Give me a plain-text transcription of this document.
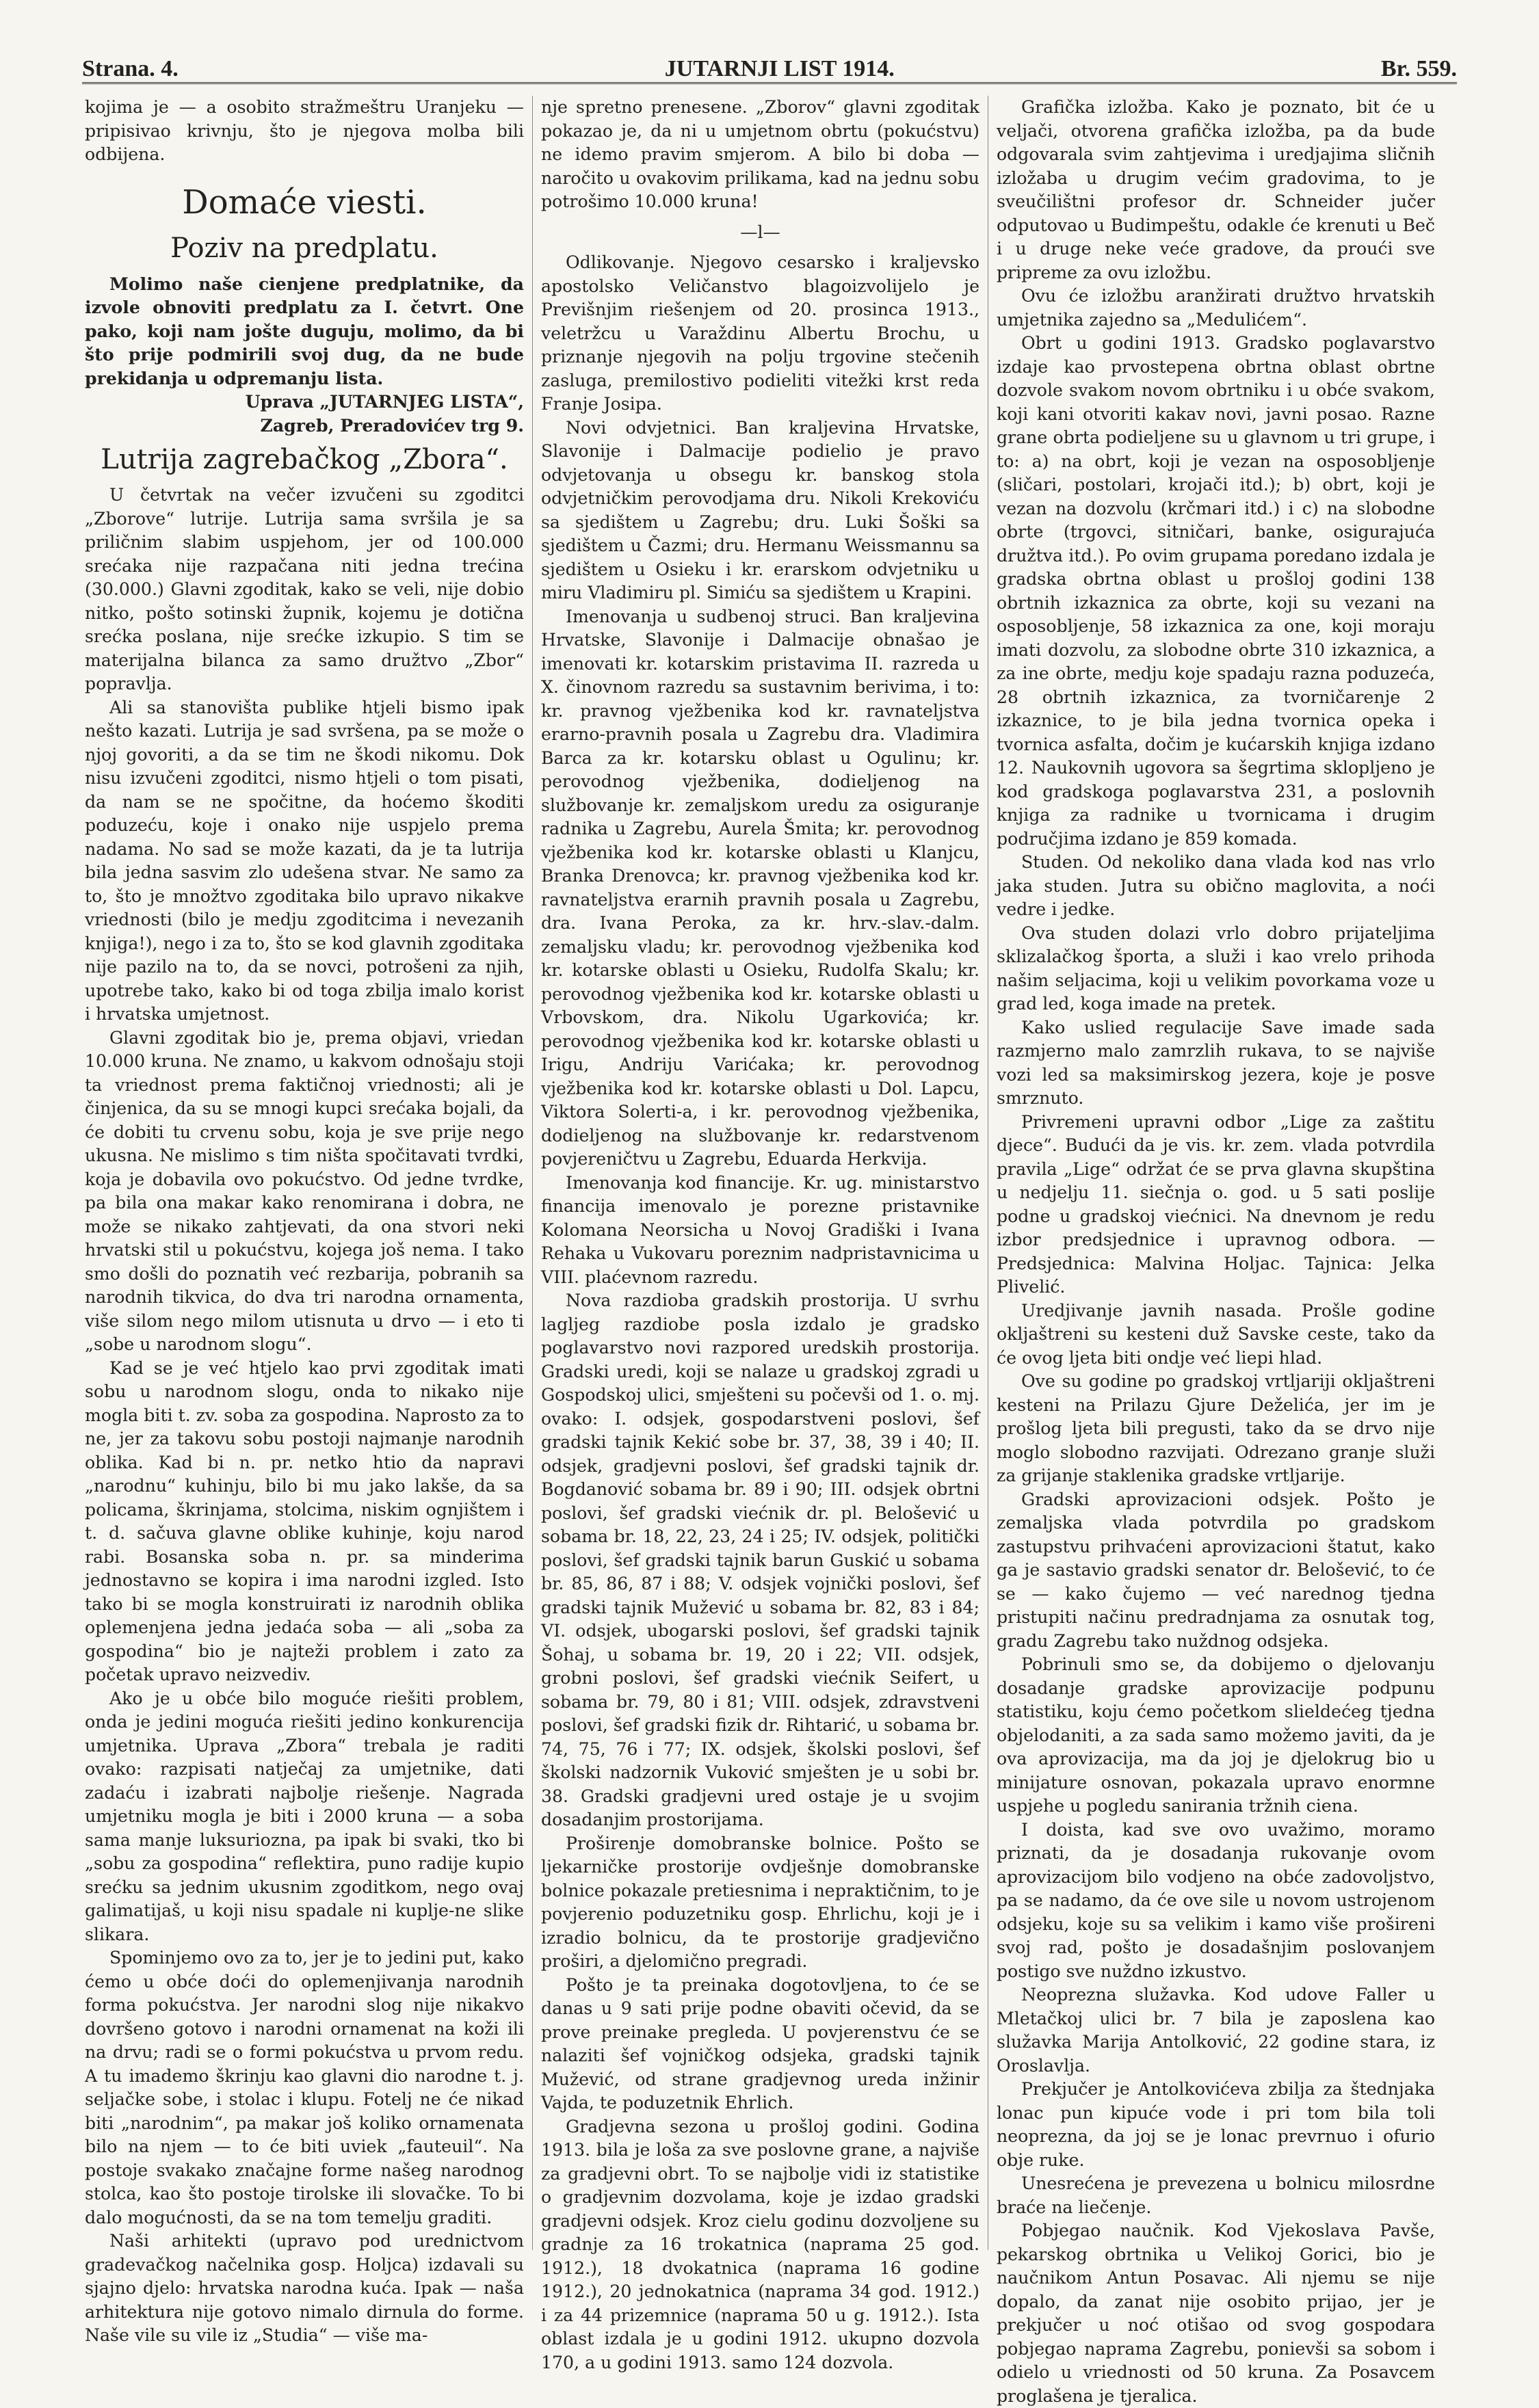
Strana. 4.	JUTARNJI LIST 1914.	Br. 559.

kojima je — a osobito stražmeštru Uranjeku — pripisivao krivnju, što je njegova molba bili odbijena.

Domaće viesti.
Poziv na predplatu.

Molimo naše cienjene predplatnike, da izvole obnoviti predplatu za I. četvrt. One pako, koji nam jošte duguju, molimo, da bi što prije podmirili svoj dug, da ne bude prekidanja u odpremanju lista.

Uprava „JUTARNJEG LISTA“,
Zagreb, Preradovićev trg 9.
Lutrija zagrebačkog „Zbora“.

U četvrtak na večer izvučeni su zgoditci „Zborove“ lutrije. Lutrija sama svršila je sa priličnim slabim uspjehom, jer od 100.000 srećaka nije razpačana niti jedna trećina (30.000.) Glavni zgoditak, kako se veli, nije dobio nitko, pošto sotinski župnik, kojemu je dotična srećka poslana, nije srećke izkupio. S tim se materijalna bilanca za samo družtvo „Zbor“ popravlja.

Ali sa stanovišta publike htjeli bismo ipak nešto kazati. Lutrija je sad svršena, pa se može o njoj govoriti, a da se tim ne škodi nikomu. Dok nisu izvučeni zgoditci, nismo htjeli o tom pisati, da nam se ne spočitne, da hoćemo škoditi poduzeću, koje i onako nije uspjelo prema nadama. No sad se može kazati, da je ta lutrija bila jedna sasvim zlo udešena stvar. Ne samo za to, što je množtvo zgoditaka bilo upravo nikakve vriednosti (bilo je medju zgoditcima i nevezanih knjiga!), nego i za to, što se kod glavnih zgoditaka nije pazilo na to, da se novci, potrošeni za njih, upotrebe tako, kako bi od toga zbilja imalo korist i hrvatska umjetnost.

Glavni zgoditak bio je, prema objavi, vriedan 10.000 kruna. Ne znamo, u kakvom odnošaju stoji ta vriednost prema faktičnoj vriednosti; ali je činjenica, da su se mnogi kupci srećaka bojali, da će dobiti tu crvenu sobu, koja je sve prije nego ukusna. Ne mislimo s tim ništa spočitavati tvrdki, koja je dobavila ovo pokućstvo. Od jedne tvrdke, pa bila ona makar kako renomirana i dobra, ne može se nikako zahtjevati, da ona stvori neki hrvatski stil u pokućstvu, kojega još nema. I tako smo došli do poznatih već rezbarija, pobranih sa narodnih tikvica, do dva tri narodna ornamenta, više silom nego milom utisnuta u drvo — i eto ti „sobe u narodnom slogu“.

Kad se je već htjelo kao prvi zgoditak imati sobu u narodnom slogu, onda to nikako nije mogla biti t. zv. soba za gospodina. Naprosto za to ne, jer za takovu sobu postoji najmanje narodnih oblika. Kad bi n. pr. netko htio da napravi „narodnu“ kuhinju, bilo bi mu jako lakše, da sa policama, škrinjama, stolcima, niskim ognjištem i t. d. sačuva glavne oblike kuhinje, koju narod rabi. Bosanska soba n. pr. sa minderima jednostavno se kopira i ima narodni izgled. Isto tako bi se mogla konstruirati iz narodnih oblika oplemenjena jedna jedaća soba — ali „soba za gospodina“ bio je najteži problem i zato za početak upravo neizvediv.

Ako je u obće bilo moguće riešiti problem, onda je jedini moguća riešiti jedino konkurencija umjetnika. Uprava „Zbora“ trebala je raditi ovako: razpisati natječaj za umjetnike, dati zadaću i izabrati najbolje riešenje. Nagrada umjetniku mogla je biti i 2000 kruna — a soba sama manje luksuriozna, pa ipak bi svaki, tko bi „sobu za gospodina“ reflektira, puno radije kupio srećku sa jednim ukusnim zgoditkom, nego ovaj galimatijaš, u koji nisu spadale ni kuplje-ne slike slikara.

Spominjemo ovo za to, jer je to jedini put, kako ćemo u obće doći do oplemenjivanja narodnih forma pokućstva. Jer narodni slog nije nikakvo dovršeno gotovo i narodni ornamenat na koži ili na drvu; radi se o formi pokućstva u prvom redu. A tu imademo škrinju kao glavni dio narodne t. j. seljačke sobe, i stolac i klupu. Fotelj ne će nikad biti „narodnim“, pa makar još koliko ornamenata bilo na njem — to će biti uviek „fauteuil“. Na postoje svakako značajne forme našeg narodnog stolca, kao što postoje tirolske ili slovačke. To bi dalo mogućnosti, da se na tom temelju graditi.

Naši arhitekti (upravo pod urednictvom gradevačkog načelnika gosp. Holjca) izdavali su sjajno djelo: hrvatska narodna kuća. Ipak — naša arhitektura nije gotovo nimalo dirnula do forme. Naše vile su vile iz „Studia“ — više ma-

nje spretno prenesene. „Zborov“ glavni zgoditak pokazao je, da ni u umjetnom obrtu (pokućstvu) ne idemo pravim smjerom. A bilo bi doba — naročito u ovakovim prilikama, kad na jednu sobu potrošimo 10.000 kruna!

—l—

Odlikovanje. Njegovo cesarsko i kraljevsko apostolsko Veličanstvo blagoizvolijelo je Previšnjim riešenjem od 20. prosinca 1913., veletržcu u Varaždinu Albertu Brochu, u priznanje njegovih na polju trgovine stečenih zasluga, premilostivo podieliti vitežki krst reda Franje Josipa.

Novi odvjetnici. Ban kraljevina Hrvatske, Slavonije i Dalmacije podielio je pravo odvjetovanja u obsegu kr. banskog stola odvjetničkim perovodjama dru. Nikoli Krekoviću sa sjedištem u Zagrebu; dru. Luki Šoški sa sjedištem u Čazmi; dru. Hermanu Weissmannu sa sjedištem u Osieku i kr. erarskom odvjetniku u miru Vladimiru pl. Simiću sa sjedištem u Krapini.

Imenovanja u sudbenoj struci. Ban kraljevina Hrvatske, Slavonije i Dalmacije obnašao je imenovati kr. kotarskim pristavima II. razreda u X. činovnom razredu sa sustavnim berivima, i to: kr. pravnog vježbenika kod kr. ravnateljstva erarno-pravnih posala u Zagrebu dra. Vladimira Barca za kr. kotarsku oblast u Ogulinu; kr. perovodnog vježbenika, dodieljenog na službovanje kr. zemaljskom uredu za osiguranje radnika u Zagrebu, Aurela Šmita; kr. perovodnog vježbenika kod kr. kotarske oblasti u Klanjcu, Branka Drenovca; kr. pravnog vježbenika kod kr. ravnateljstva erarnih pravnih posala u Zagrebu, dra. Ivana Peroka, za kr. hrv.-slav.-dalm. zemaljsku vladu; kr. perovodnog vježbenika kod kr. kotarske oblasti u Osieku, Rudolfa Skalu; kr. perovodnog vježbenika kod kr. kotarske oblasti u Vrbovskom, dra. Nikolu Ugarkovića; kr. perovodnog vježbenika kod kr. kotarske oblasti u Irigu, Andriju Varićaka; kr. perovodnog vježbenika kod kr. kotarske oblasti u Dol. Lapcu, Viktora Solerti-a, i kr. perovodnog vježbenika, dodieljenog na službovanje kr. redarstvenom povjereničtvu u Zagrebu, Eduarda Herkvija.

Imenovanja kod financije. Kr. ug. ministarstvo financija imenovalo je porezne pristavnike Kolomana Neorsicha u Novoj Gradiški i Ivana Rehaka u Vukovaru poreznim nadpristavnicima u VIII. plaćevnom razredu.

Nova razdioba gradskih prostorija. U svrhu lagljeg razdiobe posla izdalo je gradsko poglavarstvo novi razpored uredskih prostorija. Gradski uredi, koji se nalaze u gradskoj zgradi u Gospodskoj ulici, smješteni su počevši od 1. o. mj. ovako: I. odsjek, gospodarstveni poslovi, šef gradski tajnik Kekić sobe br. 37, 38, 39 i 40; II. odsjek, gradjevni poslovi, šef gradski tajnik dr. Bogdanović sobama br. 89 i 90; III. odsjek obrtni poslovi, šef gradski viećnik dr. pl. Belošević u sobama br. 18, 22, 23, 24 i 25; IV. odsjek, politički poslovi, šef gradski tajnik barun Guskić u sobama br. 85, 86, 87 i 88; V. odsjek vojnički poslovi, šef gradski tajnik Mužević u sobama br. 82, 83 i 84; VI. odsjek, ubogarski poslovi, šef gradski tajnik Šohaj, u sobama br. 19, 20 i 22; VII. odsjek, grobni poslovi, šef gradski viećnik Seifert, u sobama br. 79, 80 i 81; VIII. odsjek, zdravstveni poslovi, šef gradski fizik dr. Rihtarić, u sobama br. 74, 75, 76 i 77; IX. odsjek, školski poslovi, šef školski nadzornik Vuković smješten je u sobi br. 38. Gradski gradjevni ured ostaje je u svojim dosadanjim prostorijama.

Proširenje domobranske bolnice. Pošto se ljekarničke prostorije ovdješnje domobranske bolnice pokazale pretiesnima i nepraktičnim, to je povjerenio poduzetniku gosp. Ehrlichu, koji je i izradio bolnicu, da te prostorije gradjevično proširi, a djelomično pregradi.

Pošto je ta preinaka dogotovljena, to će se danas u 9 sati prije podne obaviti očevid, da se prove preinake pregleda. U povjerenstvu će se nalaziti šef vojničkog odsjeka, gradski tajnik Mužević, od strane gradjevnog ureda inžinir Vajda, te poduzetnik Ehrlich.

Gradjevna sezona u prošloj godini. Godina 1913. bila je loša za sve poslovne grane, a najviše za gradjevni obrt. To se najbolje vidi iz statistike o gradjevnim dozvolama, koje je izdao gradski gradjevni odsjek. Kroz cielu godinu dozvoljene su gradnje za 16 trokatnica (naprama 25 god. 1912.), 18 dvokatnica (naprama 16 godine 1912.), 20 jednokatnica (naprama 34 god. 1912.) i za 44 prizemnice (naprama 50 u g. 1912.). Ista oblast izdala je u godini 1912. ukupno dozvola 170, a u godini 1913. samo 124 dozvola.

Grafička izložba. Kako je poznato, bit će u veljači, otvorena grafička izložba, pa da bude odgovarala svim zahtjevima i uredjajima sličnih izložaba u drugim većim gradovima, to je sveučilištni profesor dr. Schneider jučer odputovao u Budimpeštu, odakle će krenuti u Beč i u druge neke veće gradove, da proući sve pripreme za ovu izložbu.

Ovu će izložbu aranžirati družtvo hrvatskih umjetnika zajedno sa „Medulićem“.

Obrt u godini 1913. Gradsko poglavarstvo izdaje kao prvostepena obrtna oblast obrtne dozvole svakom novom obrtniku i u obće svakom, koji kani otvoriti kakav novi, javni posao. Razne grane obrta podieljene su u glavnom u tri grupe, i to: a) na obrt, koji je vezan na osposobljenje (sličari, postolari, krojači itd.); b) obrt, koji je vezan na dozvolu (krčmari itd.) i c) na slobodne obrte (trgovci, sitničari, banke, osigurajuća družtva itd.). Po ovim grupama poredano izdala je gradska obrtna oblast u prošloj godini 138 obrtnih izkaznica za obrte, koji su vezani na osposobljenje, 58 izkaznica za one, koji moraju imati dozvolu, za slobodne obrte 310 izkaznica, a za ine obrte, medju koje spadaju razna poduzeća, 28 obrtnih izkaznica, za tvorničarenje 2 izkaznice, to je bila jedna tvornica opeka i tvornica asfalta, dočim je kućarskih knjiga izdano 12. Naukovnih ugovora sa šegrtima sklopljeno je kod gradskoga poglavarstva 231, a poslovnih knjiga za radnike u tvornicama i drugim područjima izdano je 859 komada.

Studen. Od nekoliko dana vlada kod nas vrlo jaka studen. Jutra su obično maglovita, a noći vedre i jedke.

Ova studen dolazi vrlo dobro prijateljima sklizalačkog športa, a služi i kao vrelo prihoda našim seljacima, koji u velikim povorkama voze u grad led, koga imade na pretek.

Kako uslied regulacije Save imade sada razmjerno malo zamrzlih rukava, to se najviše vozi led sa maksimirskog jezera, koje je posve smrznuto.

Privremeni upravni odbor „Lige za zaštitu djece“. Budući da je vis. kr. zem. vlada potvrdila pravila „Lige“ održat će se prva glavna skupština u nedjelju 11. siečnja o. god. u 5 sati poslije podne u gradskoj viećnici. Na dnevnom je redu izbor predsjednice i upravnog odbora. — Predsjednica: Malvina Holjac. Tajnica: Jelka Plivelić.

Uredjivanje javnih nasada. Prošle godine okljaštreni su kesteni duž Savske ceste, tako da će ovog ljeta biti ondje već liepi hlad.

Ove su godine po gradskoj vrtljariji okljaštreni kesteni na Prilazu Gjure Deželića, jer im je prošlog ljeta bili pregusti, tako da se drvo nije moglo slobodno razvijati. Odrezano granje služi za grijanje staklenika gradske vrtljarije.

Gradski aprovizacioni odsjek. Pošto je zemaljska vlada potvrdila po gradskom zastupstvu prihvaćeni aprovizacioni štatut, kako ga je sastavio gradski senator dr. Belošević, to će se — kako čujemo — već narednog tjedna pristupiti načinu predradnjama za osnutak tog, gradu Zagrebu tako nuždnog odsjeka.

Pobrinuli smo se, da dobijemo o djelovanju dosadanje gradske aprovizacije podpunu statistiku, koju ćemo početkom slieldećeg tjedna objelodaniti, a za sada samo možemo javiti, da je ova aprovizacija, ma da joj je djelokrug bio u minijature osnovan, pokazala upravo enormne uspjehe u pogledu sanirania tržnih ciena.

I doista, kad sve ovo uvažimo, moramo priznati, da je dosadanja rukovanje ovom aprovizacijom bilo vodjeno na obće zadovoljstvo, pa se nadamo, da će ove sile u novom ustrojenom odsjeku, koje su sa velikim i kamo više prošireni svoj rad, pošto je dosadašnjim poslovanjem postigo sve nuždno izkustvo.

Neoprezna služavka. Kod udove Faller u Mletačkoj ulici br. 7 bila je zaposlena kao služavka Marija Antolković, 22 godine stara, iz Oroslavlja.

Prekjučer je Antolkovićeva zbilja za štednjaka lonac pun kipuće vode i pri tom bila toli neoprezna, da joj se je lonac prevrnuo i ofurio obje ruke.

Unesrećena je prevezena u bolnicu milosrdne braće na liečenje.

Pobjegao naučnik. Kod Vjekoslava Pavše, pekarskog obrtnika u Velikoj Gorici, bio je naučnikom Antun Posavac. Ali njemu se nije dopalo, da zanat nije osobito prijao, jer je prekjučer u noć otišao od svog gospodara pobjegao naprama Zagrebu, ponievši sa sobom i odielo u vriednosti od 50 kruna. Za Posavcem proglašena je tjeralica.
